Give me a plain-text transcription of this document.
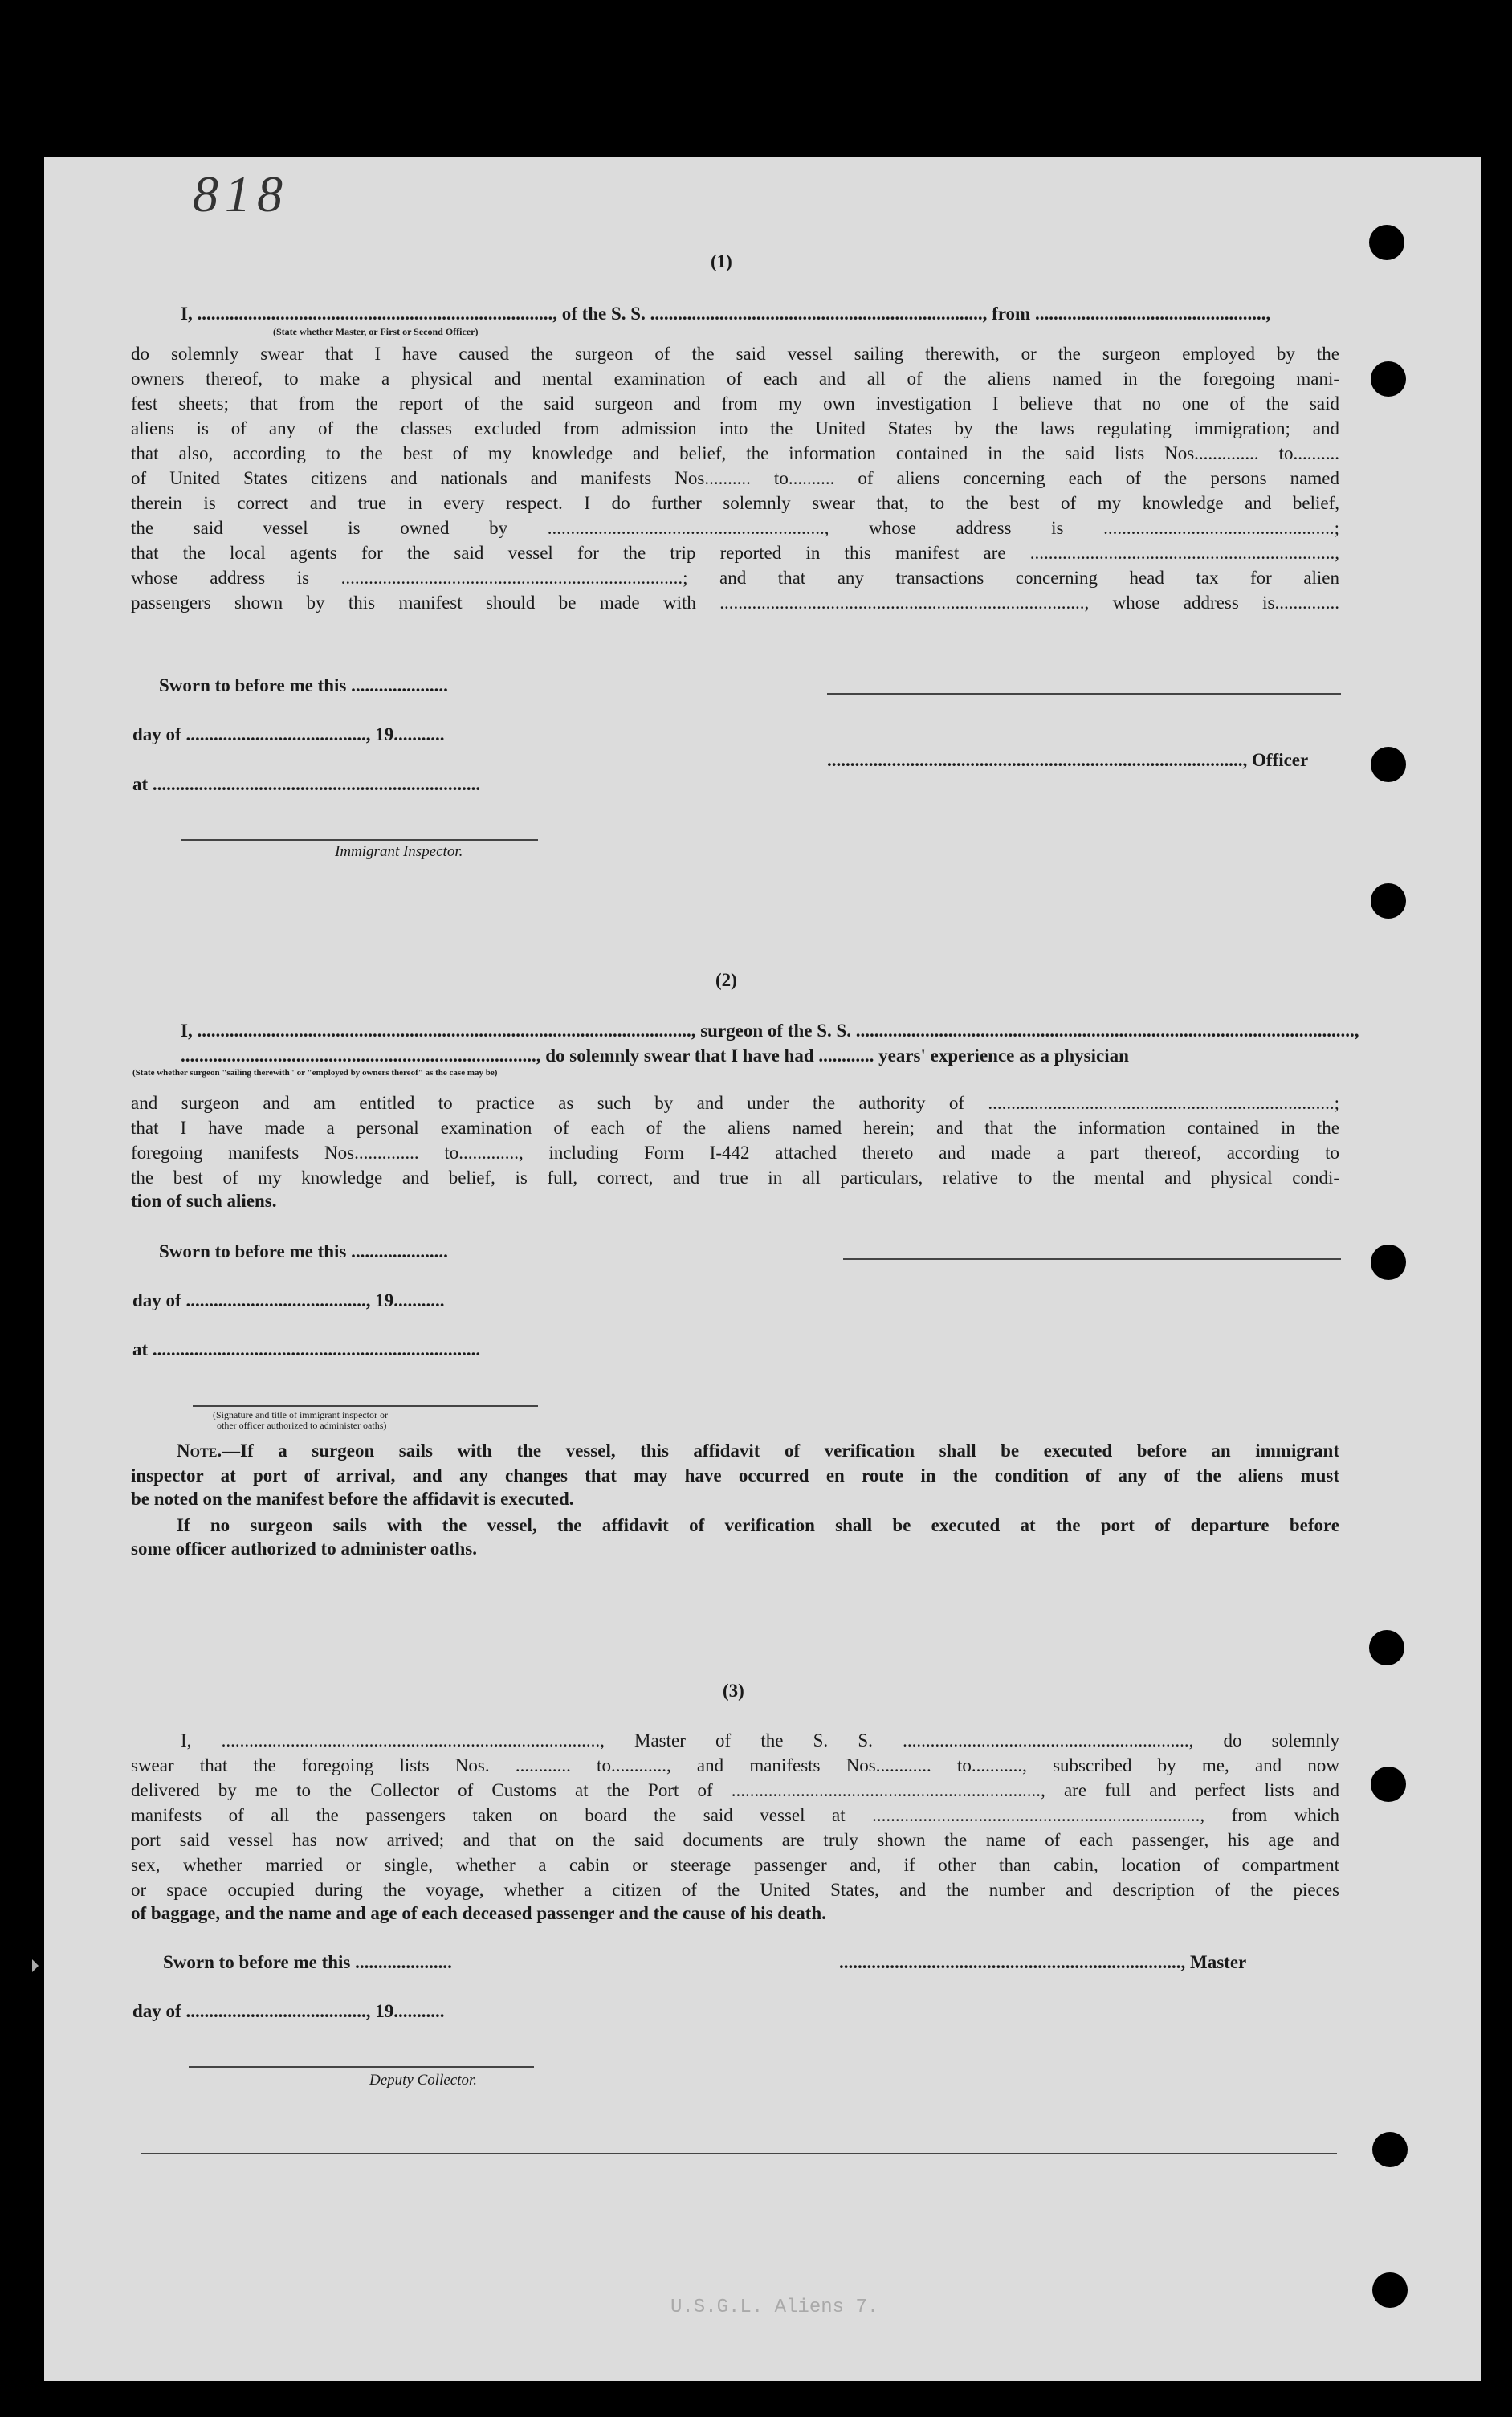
818
(1)
I, ............................................................................., of the S. S. ........................................................................, from ..................................................,
(State whether Master, or First or Second Officer)
do solemnly swear that I have caused the surgeon of the said vessel sailing therewith, or the surgeon employed by the
owners thereof, to make a physical and mental examination of each and all of the aliens named in the foregoing mani-
fest sheets; that from the report of the said surgeon and from my own investigation I believe that no one of the said
aliens is of any of the classes excluded from admission into the United States by the laws regulating immigration; and
that also, according to the best of my knowledge and belief, the information contained in the said lists Nos.............. to..........
of United States citizens and nationals and manifests Nos.......... to.......... of aliens concerning each of the persons named
therein is correct and true in every respect. I do further solemnly swear that, to the best of my knowledge and belief,
the said vessel is owned by ............................................................, whose address is ..................................................;
that the local agents for the said vessel for the trip reported in this manifest are ..................................................................,
whose address is ..........................................................................; and that any transactions concerning head tax for alien
passengers shown by this manifest should be made with ..............................................................................., whose address is..............
Sworn to before me this .....................
day of ......................................., 19...........
.........................................................................................., Officer
at .......................................................................
Immigrant Inspector.
(2)
I, ..........................................................................................................., surgeon of the S. S. ............................................................................................................,
............................................................................., do solemnly swear that I have had ............ years' experience as a physician
(State whether surgeon "sailing therewith" or "employed by owners thereof" as the case may be)
and surgeon and am entitled to practice as such by and under the authority of ...........................................................................;
that I have made a personal examination of each of the aliens named herein; and that the information contained in the
foregoing manifests Nos.............. to............., including Form I-442 attached thereto and made a part thereof, according to
the best of my knowledge and belief, is full, correct, and true in all particulars, relative to the mental and physical condi-
tion of such aliens.
Sworn to before me this .....................
day of ......................................., 19...........
at .......................................................................
(Signature and title of immigrant inspector or
other officer authorized to administer oaths)
Note.—If a surgeon sails with the vessel, this affidavit of verification shall be executed before an immigrant
inspector at port of arrival, and any changes that may have occurred en route in the condition of any of the aliens must
be noted on the manifest before the affidavit is executed.
If no surgeon sails with the vessel, the affidavit of verification shall be executed at the port of departure before
some officer authorized to administer oaths.
(3)
I, .................................................................................., Master of the S. S. .............................................................., do solemnly
swear that the foregoing lists Nos. ............ to............, and manifests Nos............ to..........., subscribed by me, and now
delivered by me to the Collector of Customs at the Port of ..................................................................., are full and perfect lists and
manifests of all the passengers taken on board the said vessel at ......................................................................., from which
port said vessel has now arrived; and that on the said documents are truly shown the name of each passenger, his age and
sex, whether married or single, whether a cabin or steerage passenger and, if other than cabin, location of compartment
or space occupied during the voyage, whether a citizen of the United States, and the number and description of the pieces
of baggage, and the name and age of each deceased passenger and the cause of his death.
Sworn to before me this .....................	.........................................................................., Master
day of ......................................., 19...........
Deputy Collector.
U.S.G.L. Aliens 7.
